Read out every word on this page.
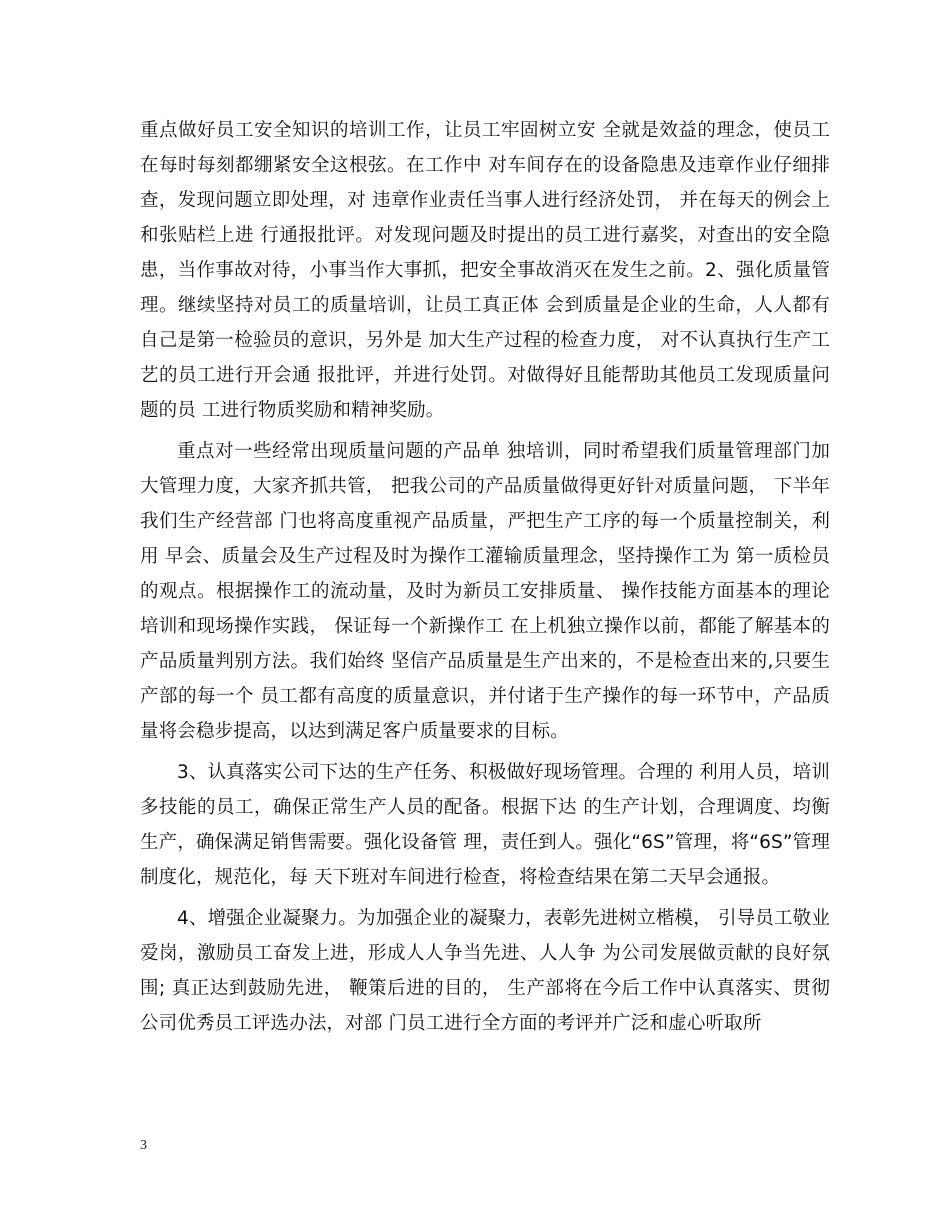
重点做好员工安全知识的培训工作，让员工牢固树立安 全就是效益的理念，使员工在每时每刻都绷紧安全这根弦。在工作中 对车间存在的设备隐患及违章作业仔细排查，发现问题立即处理，对 违章作业责任当事人进行经济处罚， 并在每天的例会上和张贴栏上进 行通报批评。对发现问题及时提出的员工进行嘉奖，对查出的安全隐 患，当作事故对待，小事当作大事抓，把安全事故消灭在发生之前。2、强化质量管理。继续坚持对员工的质量培训，让员工真正体 会到质量是企业的生命，人人都有自己是第一检验员的意识，另外是 加大生产过程的检查力度， 对不认真执行生产工艺的员工进行开会通 报批评，并进行处罚。对做得好且能帮助其他员工发现质量问题的员 工进行物质奖励和精神奖励。

重点对一些经常出现质量问题的产品单 独培训，同时希望我们质量管理部门加大管理力度，大家齐抓共管， 把我公司的产品质量做得更好针对质量问题， 下半年我们生产经营部 门也将高度重视产品质量，严把生产工序的每一个质量控制关，利用 早会、质量会及生产过程及时为操作工灌输质量理念，坚持操作工为 第一质检员的观点。根据操作工的流动量，及时为新员工安排质量、 操作技能方面基本的理论培训和现场操作实践， 保证每一个新操作工 在上机独立操作以前，都能了解基本的产品质量判别方法。我们始终 坚信产品质量是生产出来的，不是检查出来的,只要生产部的每一个 员工都有高度的质量意识，并付诸于生产操作的每一环节中，产品质 量将会稳步提高，以达到满足客户质量要求的目标。

3、认真落实公司下达的生产任务、积极做好现场管理。合理的 利用人员，培训多技能的员工，确保正常生产人员的配备。根据下达 的生产计划，合理调度、均衡生产，确保满足销售需要。强化设备管 理，责任到人。强化“6S”管理，将“6S”管理制度化，规范化，每 天下班对车间进行检查，将检查结果在第二天早会通报。

4、增强企业凝聚力。为加强企业的凝聚力，表彰先进树立楷模， 引导员工敬业爱岗，激励员工奋发上进，形成人人争当先进、人人争 为公司发展做贡献的良好氛围; 真正达到鼓励先进， 鞭策后进的目的， 生产部将在今后工作中认真落实、贯彻公司优秀员工评选办法，对部 门员工进行全方面的考评并广泛和虚心听取所

3
